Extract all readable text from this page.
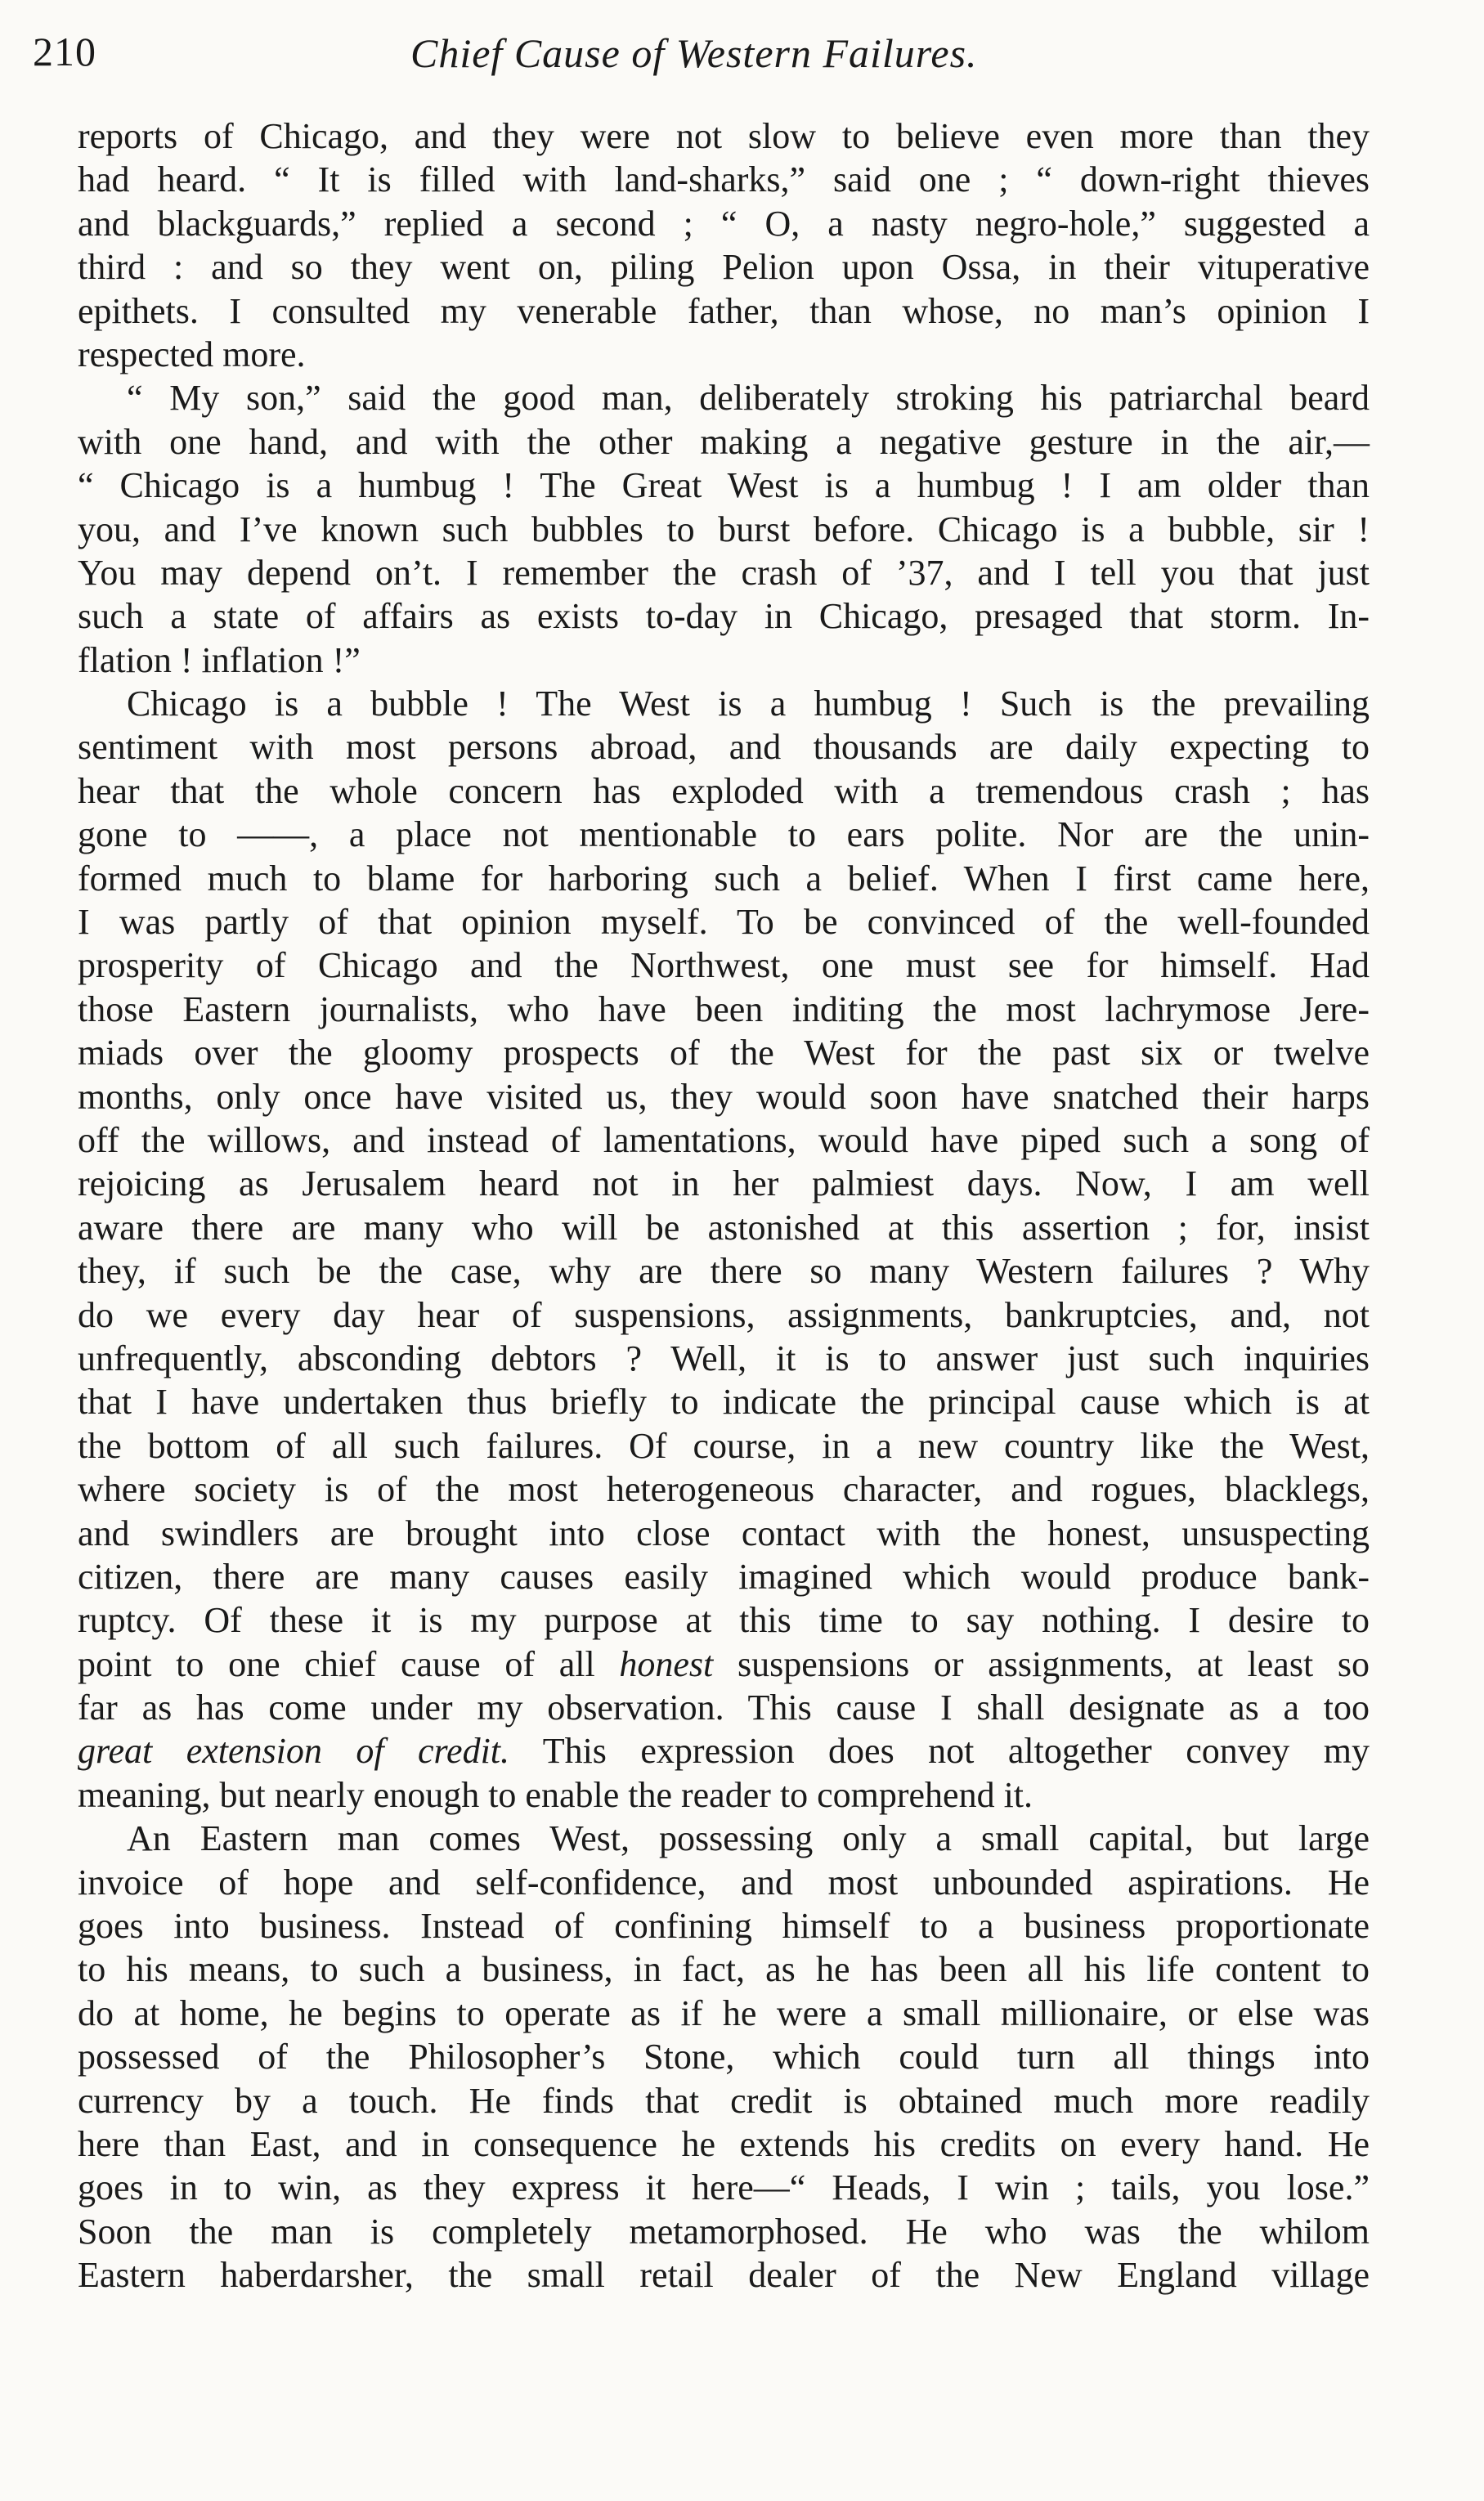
210	Chief Cause of Western Failures.
reports of Chicago, and they were not slow to believe even more than they
had heard. “ It is filled with land-sharks,” said one ; “ down-right thieves
and blackguards,” replied a second ; “ O, a nasty negro-hole,” suggested a
third : and so they went on, piling Pelion upon Ossa, in their vituperative
epithets. I consulted my venerable father, than whose, no man’s opinion I
respected more.
“ My son,” said the good man, deliberately stroking his patriarchal beard
with one hand, and with the other making a negative gesture in the air,—
“ Chicago is a humbug ! The Great West is a humbug ! I am older than
you, and I’ve known such bubbles to burst before. Chicago is a bubble, sir !
You may depend on’t. I remember the crash of ’37, and I tell you that just
such a state of affairs as exists to-day in Chicago, presaged that storm. In-
flation ! inflation !”
Chicago is a bubble ! The West is a humbug ! Such is the prevailing
sentiment with most persons abroad, and thousands are daily expecting to
hear that the whole concern has exploded with a tremendous crash ; has
gone to ——, a place not mentionable to ears polite. Nor are the unin-
formed much to blame for harboring such a belief. When I first came here,
I was partly of that opinion myself. To be convinced of the well-founded
prosperity of Chicago and the Northwest, one must see for himself. Had
those Eastern journalists, who have been inditing the most lachrymose Jere-
miads over the gloomy prospects of the West for the past six or twelve
months, only once have visited us, they would soon have snatched their harps
off the willows, and instead of lamentations, would have piped such a song of
rejoicing as Jerusalem heard not in her palmiest days. Now, I am well
aware there are many who will be astonished at this assertion ; for, insist
they, if such be the case, why are there so many Western failures ? Why
do we every day hear of suspensions, assignments, bankruptcies, and, not
unfrequently, absconding debtors ? Well, it is to answer just such inquiries
that I have undertaken thus briefly to indicate the principal cause which is at
the bottom of all such failures. Of course, in a new country like the West,
where society is of the most heterogeneous character, and rogues, blacklegs,
and swindlers are brought into close contact with the honest, unsuspecting
citizen, there are many causes easily imagined which would produce bank-
ruptcy. Of these it is my purpose at this time to say nothing. I desire to
point to one chief cause of all honest suspensions or assignments, at least so
far as has come under my observation. This cause I shall designate as a too
great extension of credit. This expression does not altogether convey my
meaning, but nearly enough to enable the reader to comprehend it.
An Eastern man comes West, possessing only a small capital, but large
invoice of hope and self-confidence, and most unbounded aspirations. He
goes into business. Instead of confining himself to a business proportionate
to his means, to such a business, in fact, as he has been all his life content to
do at home, he begins to operate as if he were a small millionaire, or else was
possessed of the Philosopher’s Stone, which could turn all things into
currency by a touch. He finds that credit is obtained much more readily
here than East, and in consequence he extends his credits on every hand. He
goes in to win, as they express it here—“ Heads, I win ; tails, you lose.”
Soon the man is completely metamorphosed. He who was the whilom
Eastern haberdarsher, the small retail dealer of the New England village
